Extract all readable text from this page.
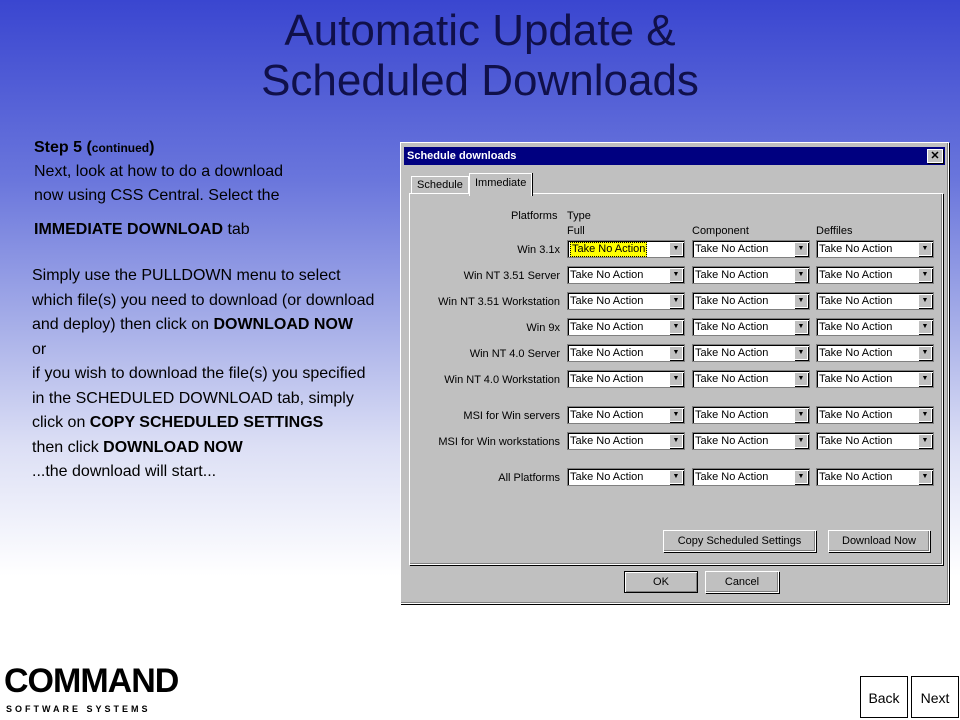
Automatic Update &
Scheduled Downloads
Step 5 (continued)
Next, look at how to do a download
now using CSS Central. Select the
IMMEDIATE DOWNLOAD tab
Simply use the PULLDOWN menu to select which file(s) you need to download (or download and deploy) then click on DOWNLOAD NOW
or
if you wish to download the file(s) you specified in the SCHEDULED DOWNLOAD tab, simply click on COPY SCHEDULED SETTINGS
then click DOWNLOAD NOW
...the download will start...
Schedule downloads	✕
Schedule	Immediate
Platforms Type
Full	Component	Deffiles
Win 3.1x Take No Action	▼	Take No Action	▼	Take No Action	▼
Win NT 3.51 Server Take No Action	▼	Take No Action	▼	Take No Action	▼
Win NT 3.51 Workstation Take No Action	▼	Take No Action	▼	Take No Action	▼
Win 9x Take No Action	▼	Take No Action	▼	Take No Action	▼
Win NT 4.0 Server Take No Action	▼	Take No Action	▼	Take No Action	▼
Win NT 4.0 Workstation Take No Action	▼	Take No Action	▼	Take No Action	▼
MSI for Win servers Take No Action	▼	Take No Action	▼	Take No Action	▼
MSI for Win workstations Take No Action	▼	Take No Action	▼	Take No Action	▼
All Platforms Take No Action	▼	Take No Action	▼	Take No Action	▼
Copy Scheduled Settings	Download Now
OK	Cancel
COMMAND
SOFTWARE SYSTEMS
Back	Next
